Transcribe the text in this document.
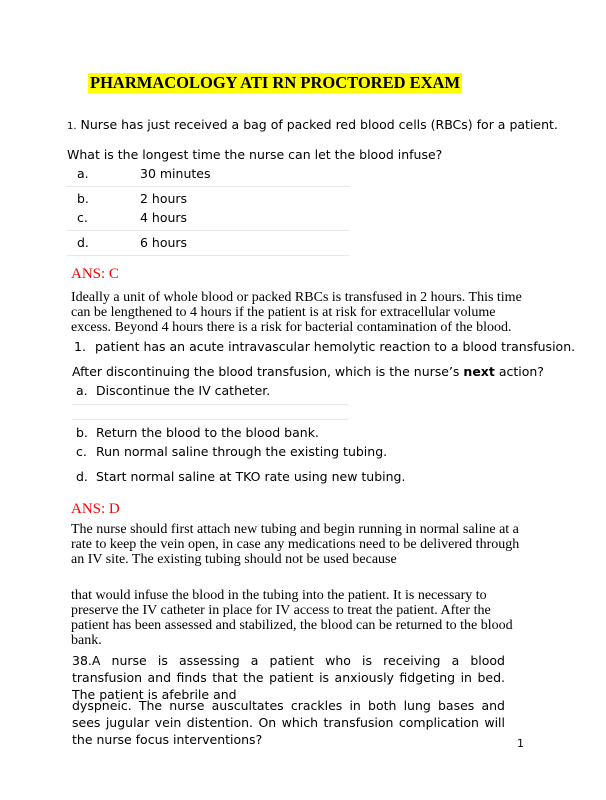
PHARMACOLOGY ATI RN PROCTORED EXAM
1. Nurse has just received a bag of packed red blood cells (RBCs) for a patient.
What is the longest time the nurse can let the blood infuse?
a.	30 minutes
b.	2 hours
c.	4 hours
d.	6 hours
ANS: C
Ideally a unit of whole blood or packed RBCs is transfused in 2 hours. This time
can be lengthened to 4 hours if the patient is at risk for extracellular volume
excess. Beyond 4 hours there is a risk for bacterial contamination of the blood.
1. patient has an acute intravascular hemolytic reaction to a blood transfusion.
After discontinuing the blood transfusion, which is the nurse’s next action?
a. Discontinue the IV catheter.
b. Return the blood to the blood bank.
c. Run normal saline through the existing tubing.
d. Start normal saline at TKO rate using new tubing.
ANS: D
The nurse should first attach new tubing and begin running in normal saline at a
rate to keep the vein open, in case any medications need to be delivered through
an IV site. The existing tubing should not be used because
that would infuse the blood in the tubing into the patient. It is necessary to
preserve the IV catheter in place for IV access to treat the patient. After the
patient has been assessed and stabilized, the blood can be returned to the blood
bank.
38.A nurse is assessing a patient who is receiving a blood transfusion and finds that the patient is anxiously fidgeting in bed. The patient is afebrile and
dyspneic. The nurse auscultates crackles in both lung bases and sees jugular vein distention. On which transfusion complication will the nurse focus interventions?	1
